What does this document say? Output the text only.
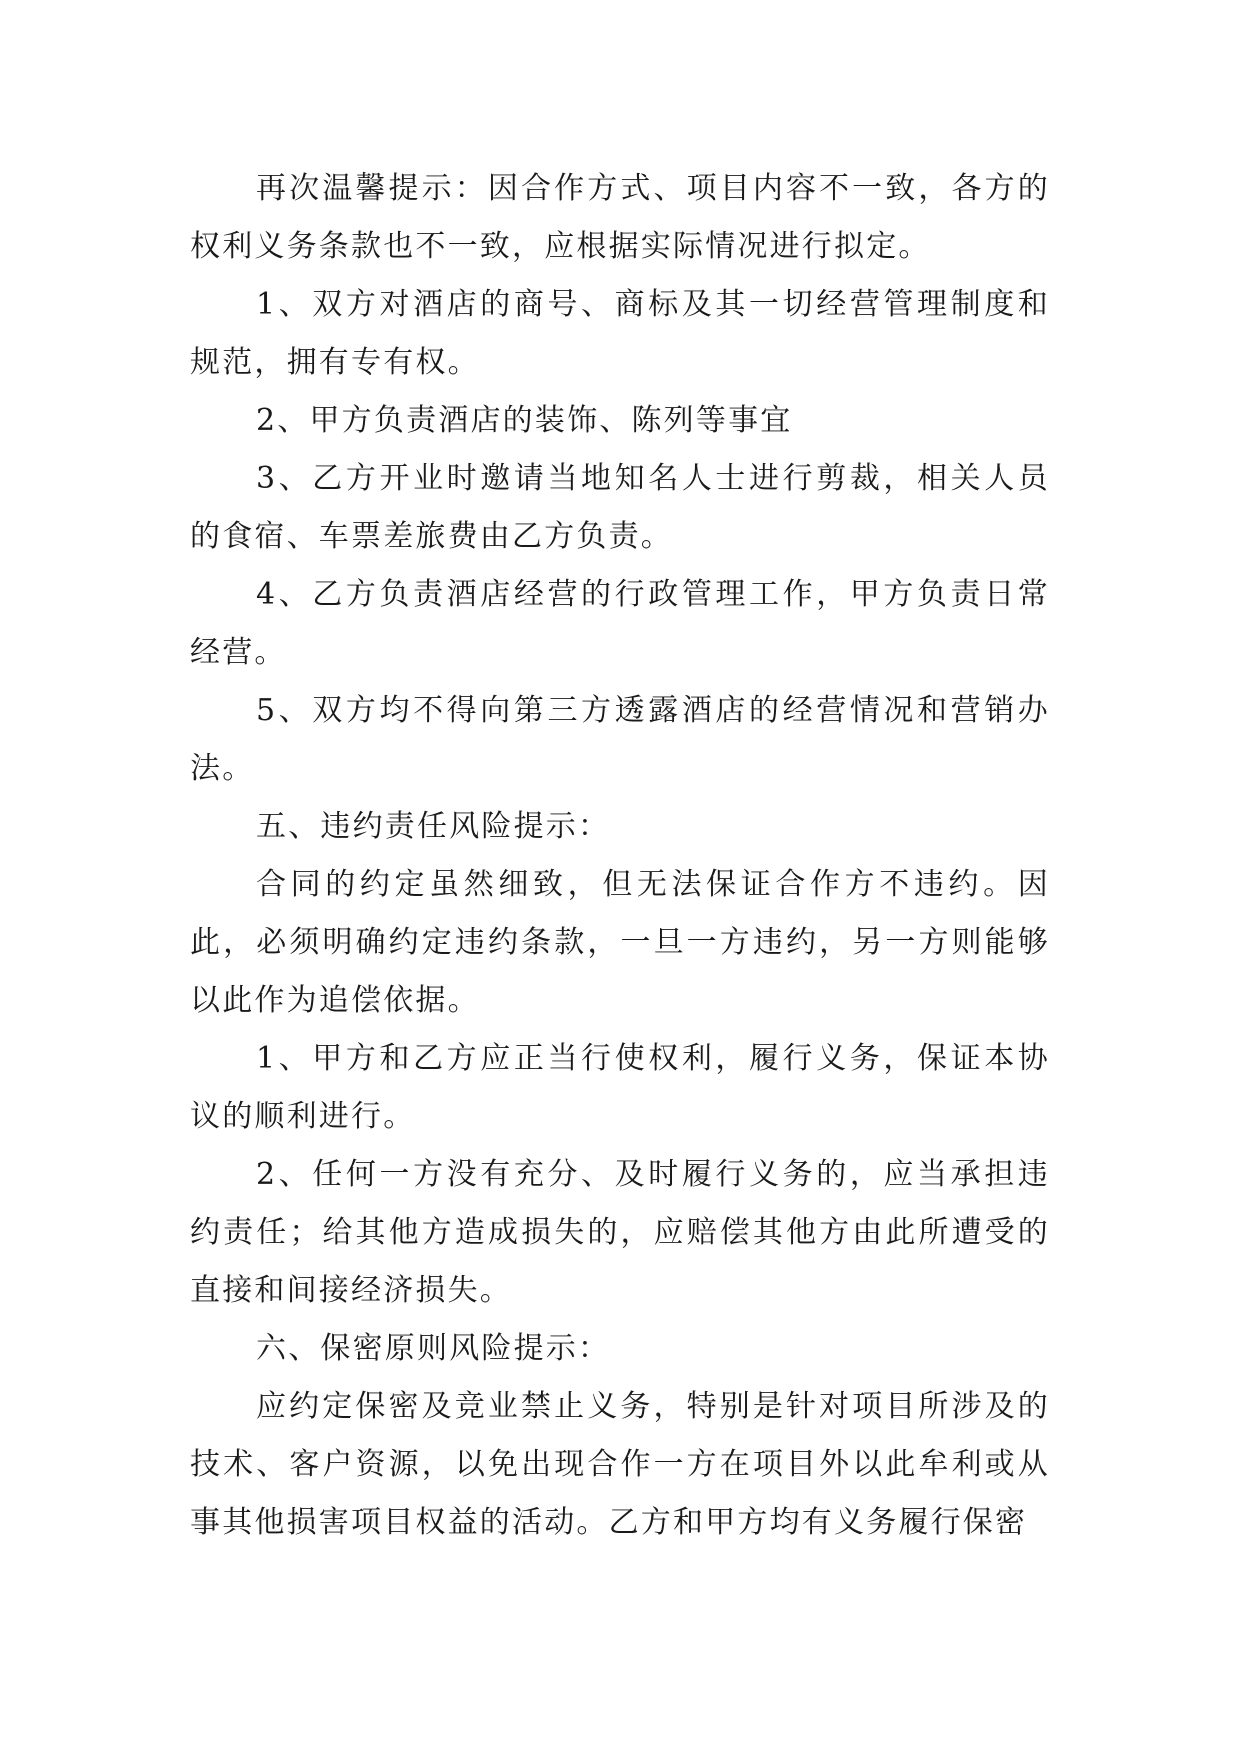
再次温馨提示：因合作方式、项目内容不一致，各方的权利义务条款也不一致，应根据实际情况进行拟定。

1、双方对酒店的商号、商标及其一切经营管理制度和规范，拥有专有权。

2、甲方负责酒店的装饰、陈列等事宜

3、乙方开业时邀请当地知名人士进行剪裁，相关人员的食宿、车票差旅费由乙方负责。

4、乙方负责酒店经营的行政管理工作，甲方负责日常经营。

5、双方均不得向第三方透露酒店的经营情况和营销办法。

五、违约责任风险提示：

合同的约定虽然细致，但无法保证合作方不违约。因此，必须明确约定违约条款，一旦一方违约，另一方则能够以此作为追偿依据。

1、甲方和乙方应正当行使权利，履行义务，保证本协议的顺利进行。

2、任何一方没有充分、及时履行义务的，应当承担违约责任；给其他方造成损失的，应赔偿其他方由此所遭受的直接和间接经济损失。

六、保密原则风险提示：

应约定保密及竞业禁止义务，特别是针对项目所涉及的技术、客户资源，以免出现合作一方在项目外以此牟利或从事其他损害项目权益的活动。乙方和甲方均有义务履行保密
